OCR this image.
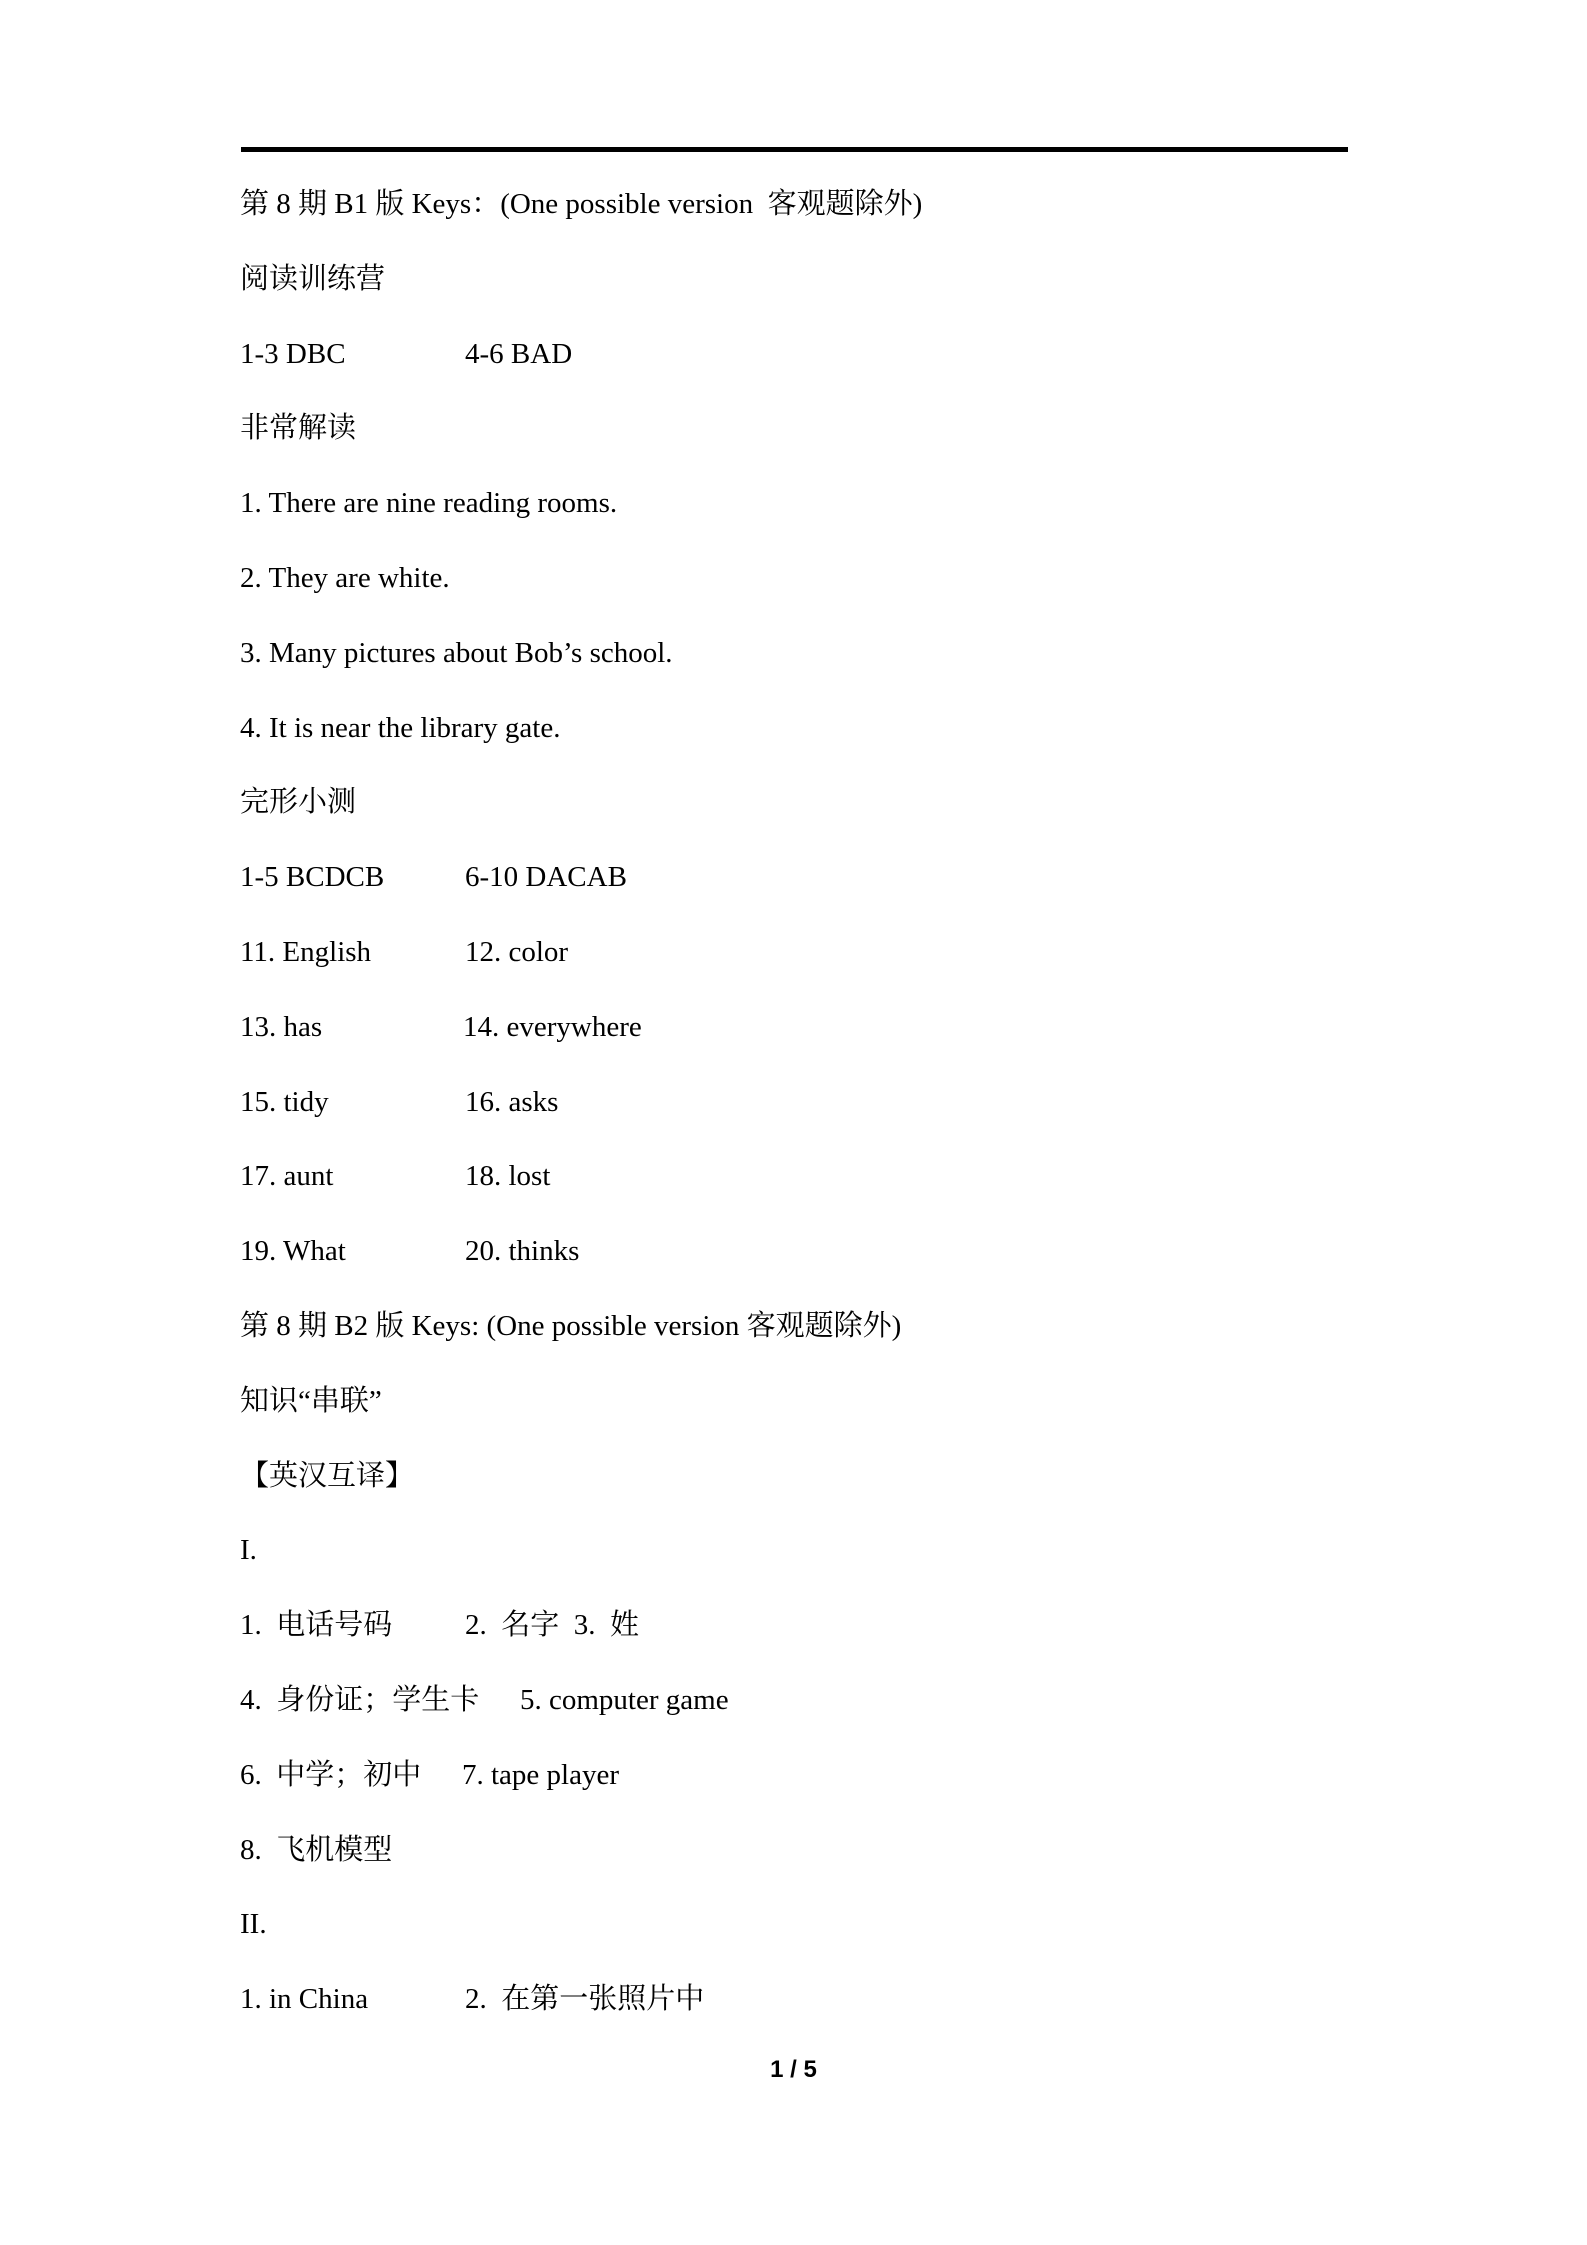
第 8 期 B1 版 Keys：(One possible version  客观题除外)
阅读训练营
1-3 DBC	4-6 BAD
非常解读
1. There are nine reading rooms.
2. They are white.
3. Many pictures about Bob’s school.
4. It is near the library gate.
完形小测
1-5 BCDCB	6-10 DACAB
11. English	12. color
13. has	14. everywhere
15. tidy	16. asks
17. aunt	18. lost
19. What	20. thinks
第 8 期 B2 版 Keys: (One possible version 客观题除外)
知识“串联”
【英汉互译】
I.
1.  电话号码	2.  名字  3.  姓
4.  身份证；学生卡 5. computer game
6.  中学；初中 7. tape player
8.  飞机模型
II.
1. in China	2.  在第一张照片中
1 / 5
